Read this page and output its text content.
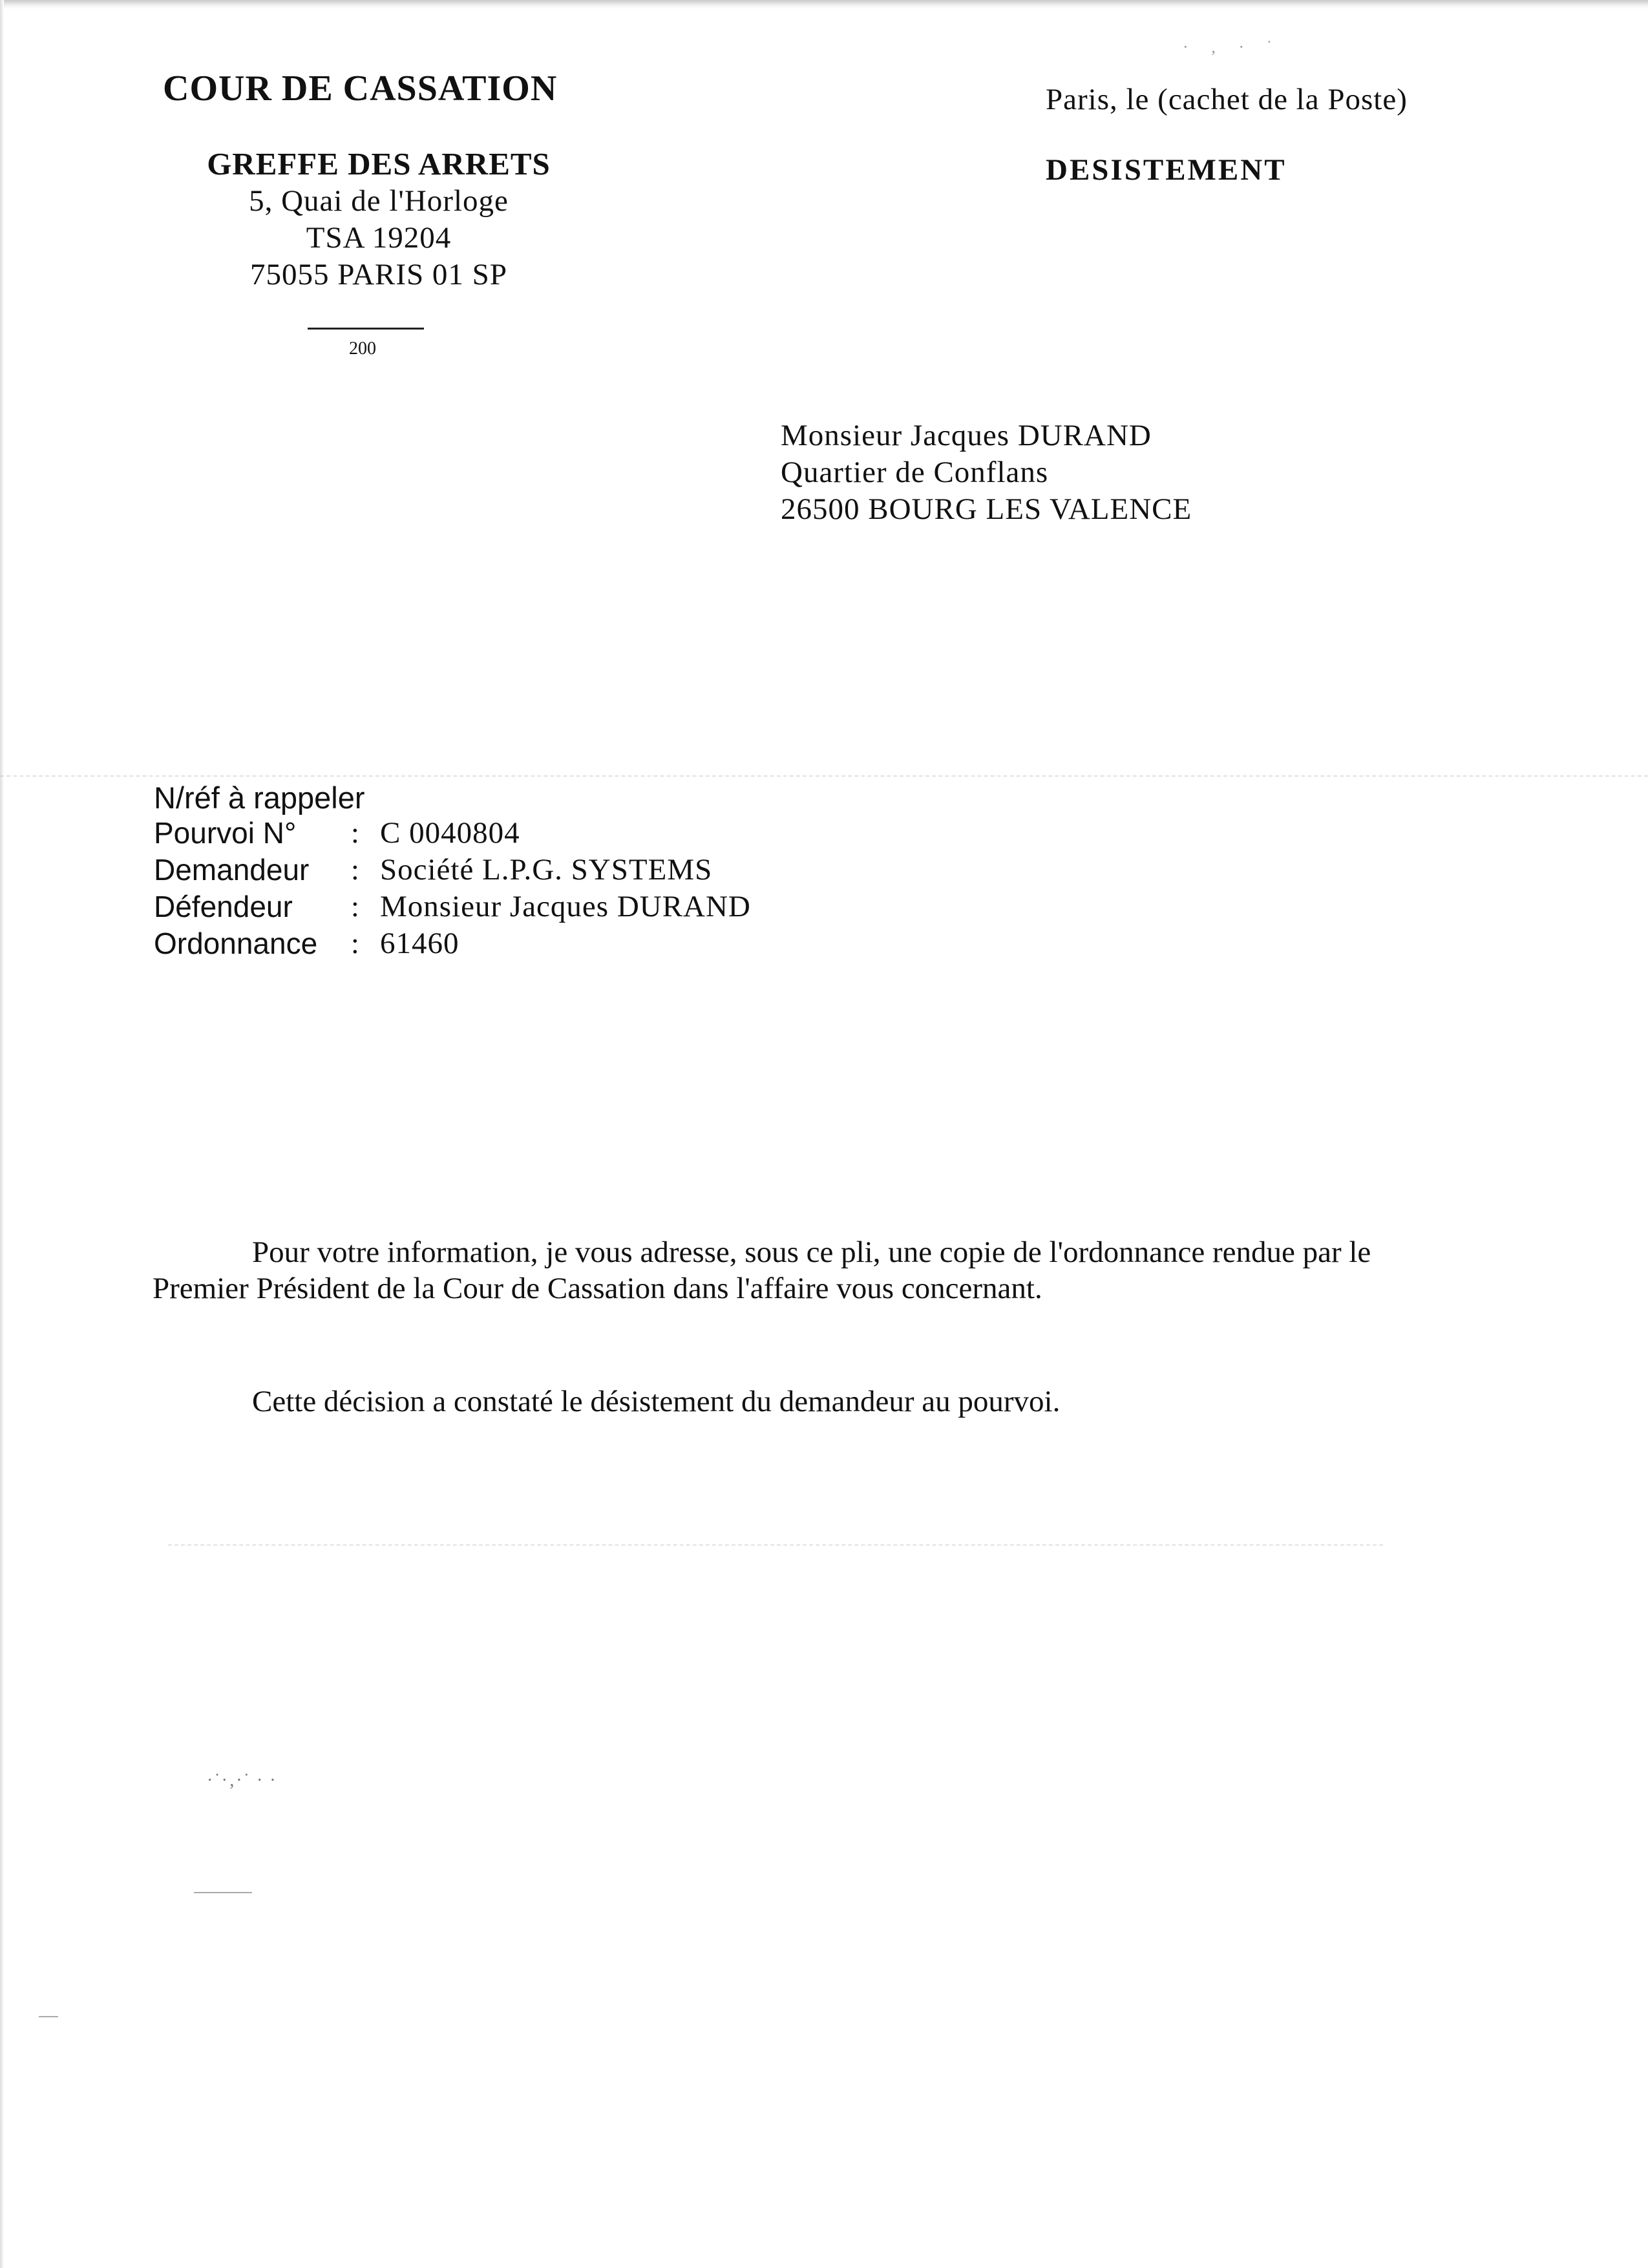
· ‚ · ˙
COUR DE CASSATION
GREFFE DES ARRETS
5, Quai de l'Horloge
TSA 19204
75055 PARIS 01 SP
200
Paris, le (cachet de la Poste)
DESISTEMENT
Monsieur Jacques DURAND
Quartier de Conflans
26500 BOURG LES VALENCE
N/réf à rappeler
Pourvoi N° : C 0040804
Demandeur : Société L.P.G. SYSTEMS
Défendeur : Monsieur Jacques DURAND
Ordonnance : 61460
Pour votre information, je vous adresse, sous ce pli, une copie de l'ordonnance rendue par le
Premier Président de la Cour de Cassation dans l'affaire vous concernant.
Cette décision a constaté le désistement du demandeur au pourvoi.
·˙·‚·˙ · ·
